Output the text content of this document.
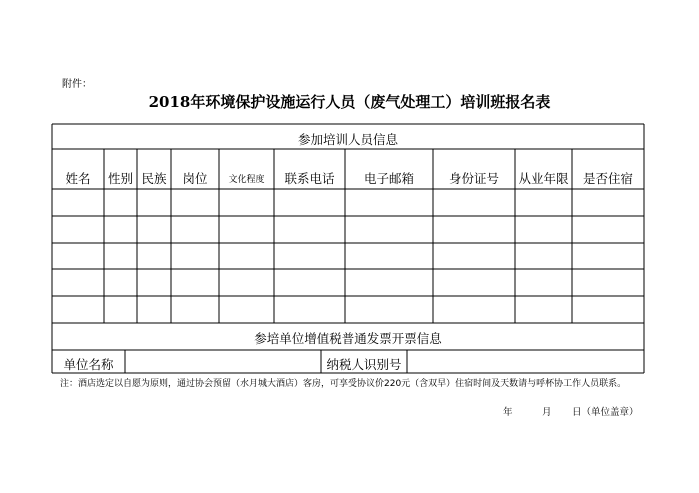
附件：
2018年环境保护设施运行人员（废气处理工）培训班报名表
参加培训人员信息
姓名	性别 民族	岗位	文化程度	联系电话	电子邮箱	身份证号	从业年限	是否住宿
参培单位增值税普通发票开票信息
单位名称	纳税人识别号
注：酒店选定以自愿为原则，通过协会预留（水月城大酒店）客房，可享受协议价220元（含双早）住宿时间及天数请与呼杯协工作人员联系。
年	月 日（单位盖章）
